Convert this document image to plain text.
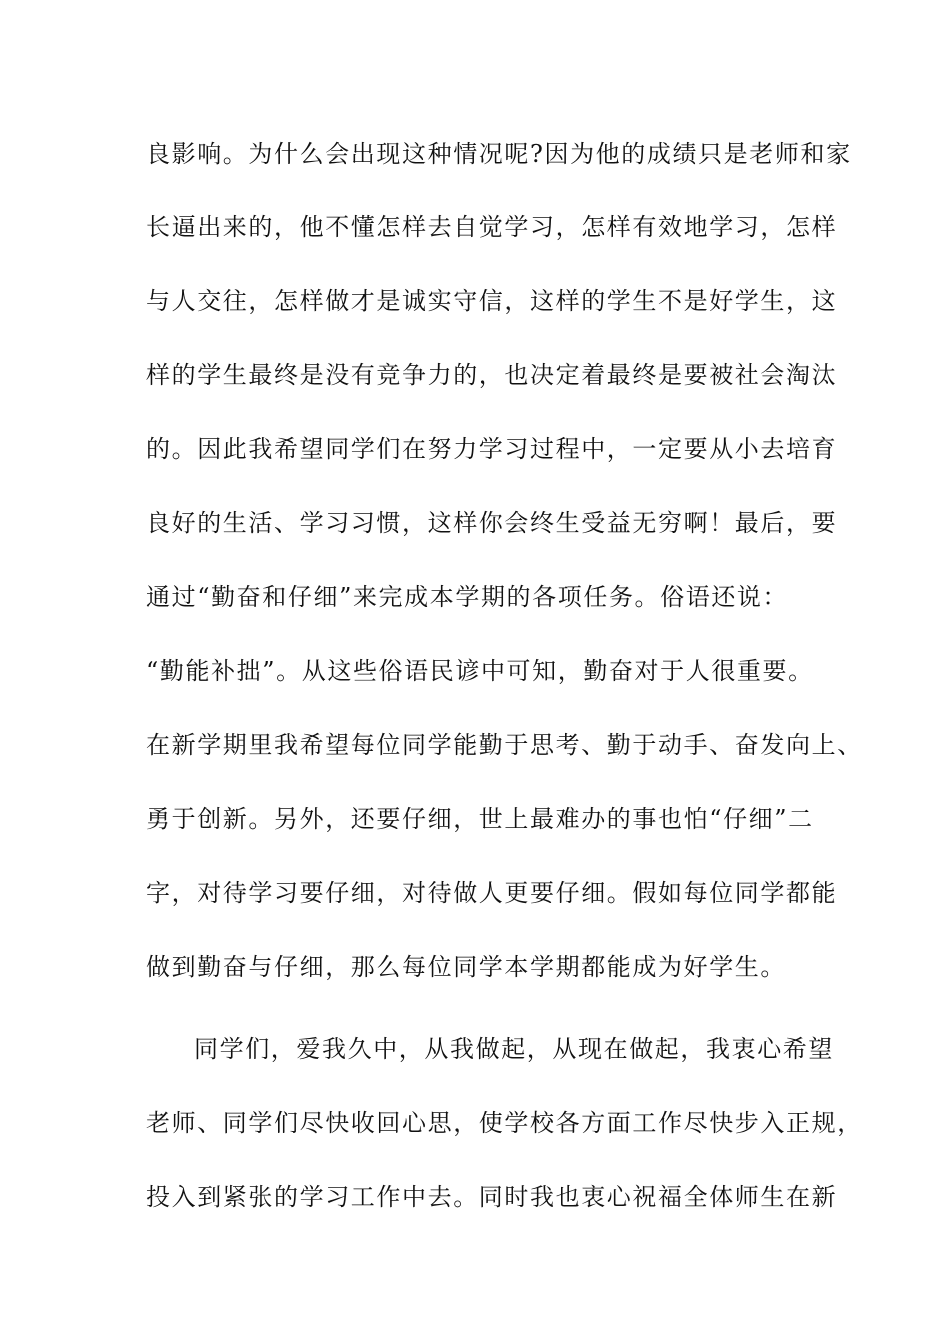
良影响。为什么会出现这种情况呢?因为他的成绩只是老师和家
长逼出来的，他不懂怎样去自觉学习，怎样有效地学习，怎样
与人交往，怎样做才是诚实守信，这样的学生不是好学生，这
样的学生最终是没有竞争力的，也决定着最终是要被社会淘汰
的。因此我希望同学们在努力学习过程中，一定要从小去培育
良好的生活、学习习惯，这样你会终生受益无穷啊！最后，要
通过“勤奋和仔细”来完成本学期的各项任务。俗语还说：
“勤能补拙”。从这些俗语民谚中可知，勤奋对于人很重要。
在新学期里我希望每位同学能勤于思考、勤于动手、奋发向上、
勇于创新。另外，还要仔细，世上最难办的事也怕“仔细”二
字，对待学习要仔细，对待做人更要仔细。假如每位同学都能
做到勤奋与仔细，那么每位同学本学期都能成为好学生。
同学们，爱我久中，从我做起，从现在做起，我衷心希望
老师、同学们尽快收回心思，使学校各方面工作尽快步入正规，
投入到紧张的学习工作中去。同时我也衷心祝福全体师生在新
